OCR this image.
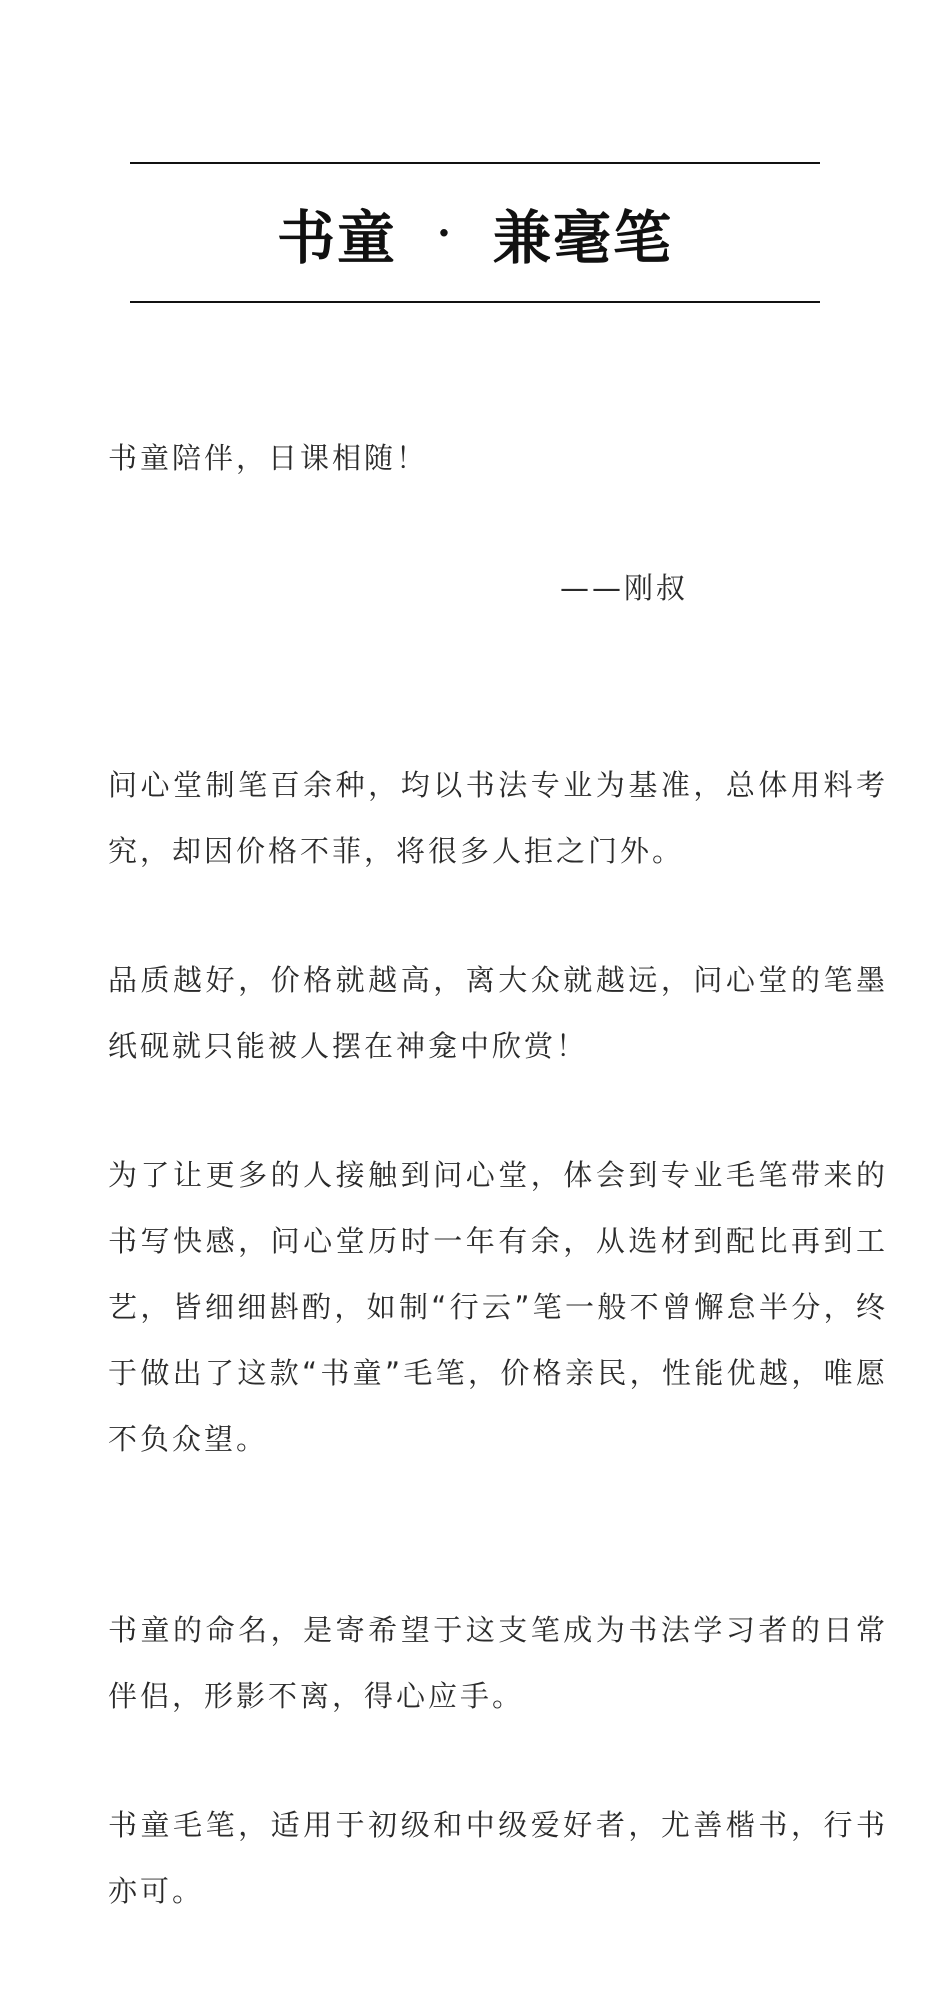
书童 · 兼毫笔

书童陪伴，日课相随！

——刚叔

问心堂制笔百余种，均以书法专业为基准，总体用料考究，却因价格不菲，将很多人拒之门外。

品质越好，价格就越高，离大众就越远，问心堂的笔墨纸砚就只能被人摆在神龛中欣赏！

为了让更多的人接触到问心堂，体会到专业毛笔带来的书写快感，问心堂历时一年有余，从选材到配比再到工艺，皆细细斟酌，如制“行云”笔一般不曾懈怠半分，终于做出了这款“书童”毛笔，价格亲民，性能优越，唯愿不负众望。

书童的命名，是寄希望于这支笔成为书法学习者的日常伴侣，形影不离，得心应手。

书童毛笔，适用于初级和中级爱好者，尤善楷书，行书亦可。
